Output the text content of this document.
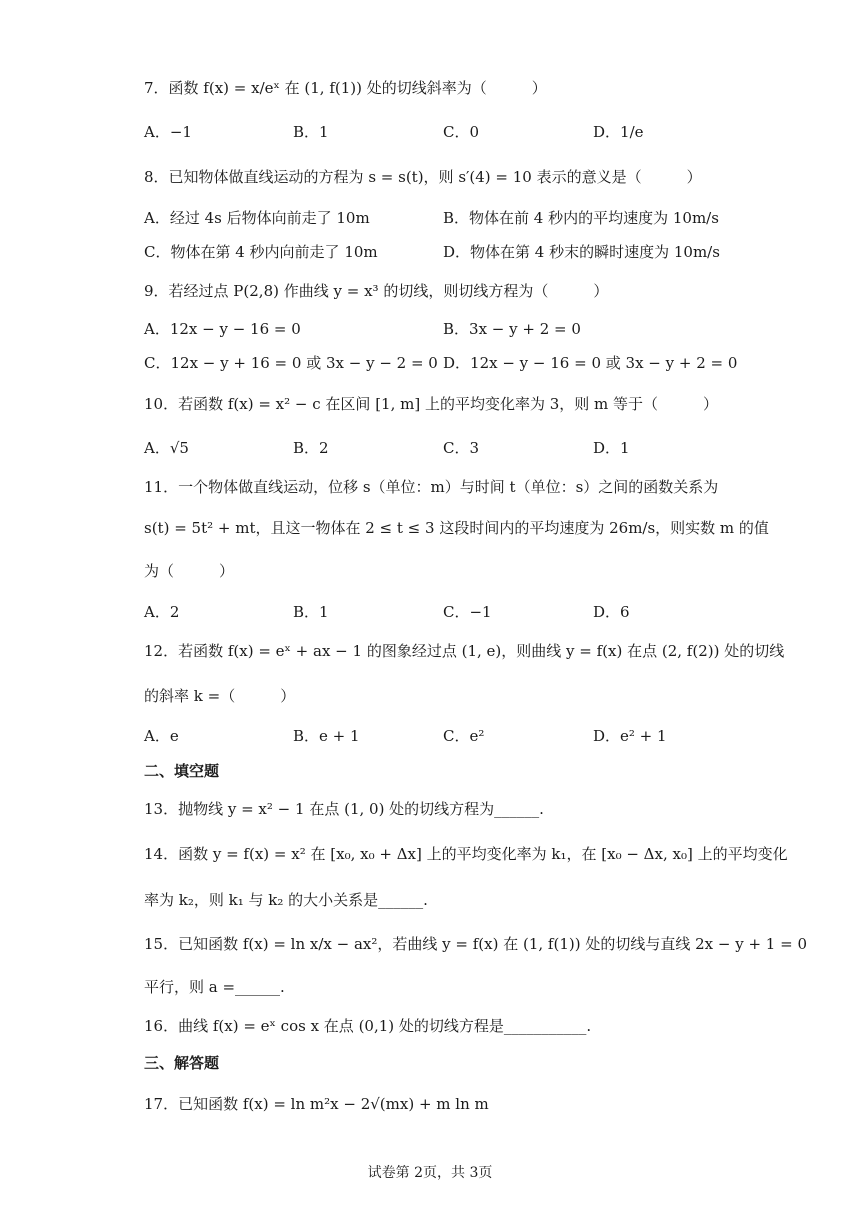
7．函数 f(x) = x/eˣ 在 (1, f(1)) 处的切线斜率为（　　　）
A．−1	B．1	C．0	D．1/e
8．已知物体做直线运动的方程为 s = s(t)，则 s′(4) = 10 表示的意义是（　　　）
A．经过 4s 后物体向前走了 10m	B．物体在前 4 秒内的平均速度为 10m/s
C．物体在第 4 秒内向前走了 10m	D．物体在第 4 秒末的瞬时速度为 10m/s
9．若经过点 P(2,8) 作曲线 y = x³ 的切线，则切线方程为（　　　）
A．12x − y − 16 = 0	B．3x − y + 2 = 0
C．12x − y + 16 = 0 或 3x − y − 2 = 0 D．12x − y − 16 = 0 或 3x − y + 2 = 0
10．若函数 f(x) = x² − c 在区间 [1, m] 上的平均变化率为 3，则 m 等于（　　　）
A．√5	B．2	C．3	D．1
11．一个物体做直线运动，位移 s（单位：m）与时间 t（单位：s）之间的函数关系为
s(t) = 5t² + mt，且这一物体在 2 ≤ t ≤ 3 这段时间内的平均速度为 26m/s，则实数 m 的值
为（　　　）
A．2	B．1	C．−1	D．6
12．若函数 f(x) = eˣ + ax − 1 的图象经过点 (1, e)，则曲线 y = f(x) 在点 (2, f(2)) 处的切线
的斜率 k =（　　　）
A．e	B．e + 1	C．e²	D．e² + 1
二、填空题
13．抛物线 y = x² − 1 在点 (1, 0) 处的切线方程为______.
14．函数 y = f(x) = x² 在 [x₀, x₀ + Δx] 上的平均变化率为 k₁，在 [x₀ − Δx, x₀] 上的平均变化
率为 k₂，则 k₁ 与 k₂ 的大小关系是______.
15．已知函数 f(x) = ln x/x − ax²，若曲线 y = f(x) 在 (1, f(1)) 处的切线与直线 2x − y + 1 = 0
平行，则 a =______.
16．曲线 f(x) = eˣ cos x 在点 (0,1) 处的切线方程是___________.
三、解答题
17．已知函数 f(x) = ln m²x − 2√(mx) + m ln m
试卷第 2页，共 3页
